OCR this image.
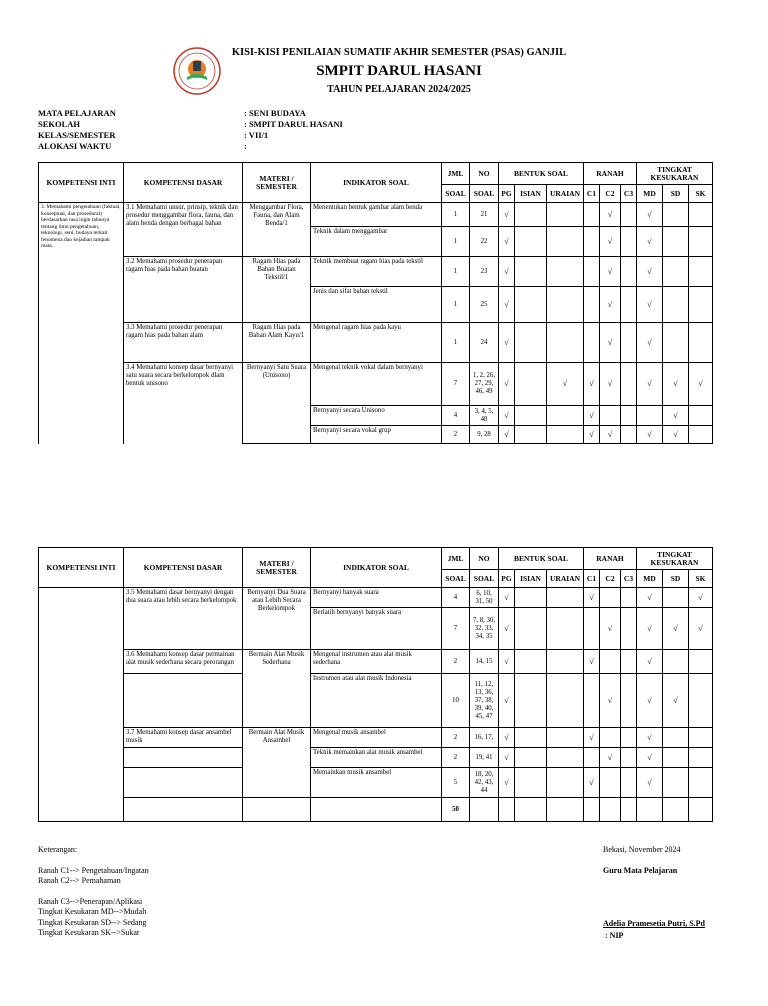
KISI-KISI PENILAIAN SUMATIF AKHIR SEMESTER (PSAS) GANJIL
SMPIT DARUL HASANI
TAHUN PELAJARAN 2024/2025
MATA PELAJARAN	: SENI BUDAYA
SEKOLAH	: SMPIT DARUL HASANI
KELAS/SEMESTER	: VII/1
ALOKASI WAKTU	:
KOMPETENSI INTI	KOMPETENSI DASAR	MATERI / SEMESTER	INDIKATOR SOAL	JML	NO	BENTUK SOAL			RANAH			TINGKAT KESUKARAN		
				SOAL	SOAL	PG	ISIAN	URAIAN	C1	C2	C3	MD	SD	SK
3. Memahami pengetahuan (faktual, konseptual, dan prosedural) berdasarkan rasa ingin tahunya tentang ilmu pengetahuan, teknologi, seni, budaya terkait fenomena dan kejadian tampak mata.	3.1 Memahami unsur, prinsip, teknik dan prosedur menggambar flora, fauna, dan alam benda dengan berbagai bahan	Menggambar Flora, Fauna, dan Alam Benda/1	Menentukan bentuk gambar alam benda	1	21	√				√		√		
			Teknik dalam menggambar	1	22	√				√		√		
	3.2 Memahami prosedur penerapan ragam hias pada bahan buatan	Ragam Hias pada Bahan Buatan Tekstil/1	Teknik membuat ragam hias pada tekstil	1	23	√				√		√		
			Jenis dan sifat bahan tekstil	1	25	√				√		√		
	3.3 Memahami prosedur penerapan ragam hias pada bahan alam	Ragam Hias pada Bahan Alam Kayu/1	Mengenal ragam hias pada kayu	1	24	√				√		√		
	3.4 Memahami konsep dasar bernyanyi satu suara secara berkelompok dlam bentuk unisono	Bernyanyi Satu Suara (Unisono)	Mengenal teknik vokal dalam bernyanyi	7	1, 2, 26, 27, 29, 46, 49	√		√	√	√		√	√	√
			Bernyanyi secara Unisono	4	3, 4, 5, 48	√			√				√	
			Bernyanyi secara vokal grup	2	9, 28	√			√	√		√	√	
KOMPETENSI INTI	KOMPETENSI DASAR	MATERI / SEMESTER	INDIKATOR SOAL	JML	NO	BENTUK SOAL			RANAH			TINGKAT KESUKARAN		
				SOAL	SOAL	PG	ISIAN	URAIAN	C1	C2	C3	MD	SD	SK
	3.5 Memahami dasar bernyanyi dengan dua suara atau lebih secara berkelompok	Bernyanyi Dua Suara atau Lebih Secara Berkelompok	Bernyanyi banyak suara	4	6, 10, 31, 50	√			√			√		√
			Berlatih bernyanyi banyak suara	7	7, 8, 30, 32, 33, 34, 35	√				√		√	√	√
	3.6 Memahami konsep dasar permainan alat musik sederhana secara perorangan	Bermain Alat Musik Sederhana	Mengenal instrumen atau alat musik sederhana	2	14, 15	√			√			√		
			Instrumen atau alat musik Indonesia	10	11, 12, 13, 36, 37, 38, 39, 40, 45, 47	√				√		√	√	
	3.7 Memahami konsep dasar ansambel musik	Bermain Alat Musik Ansambel	Mengenal musik ansambel	2	16, 17,	√			√			√		
			Teknik memainkan alat musik ansambel	2	19, 41	√				√		√		
			Memainkan musik ansambel	5	18, 20, 42, 43, 44	√			√			√		
				50										
Keterangan:
Ranah C1--> Pengetahuan/Ingatan
Ranah C2--> Pemahaman
Ranah C3-->Penerapan/Aplikasi
Tingkat Kesukaran MD-->Mudah
Tingkat Kesukaran SD--> Sedang
Tingkat Kesukaran SK-->Sukar
Bekasi, November 2024
Guru Mata Pelajaran
Adelia Pramesetia Putri, S.Pd
: NIP
